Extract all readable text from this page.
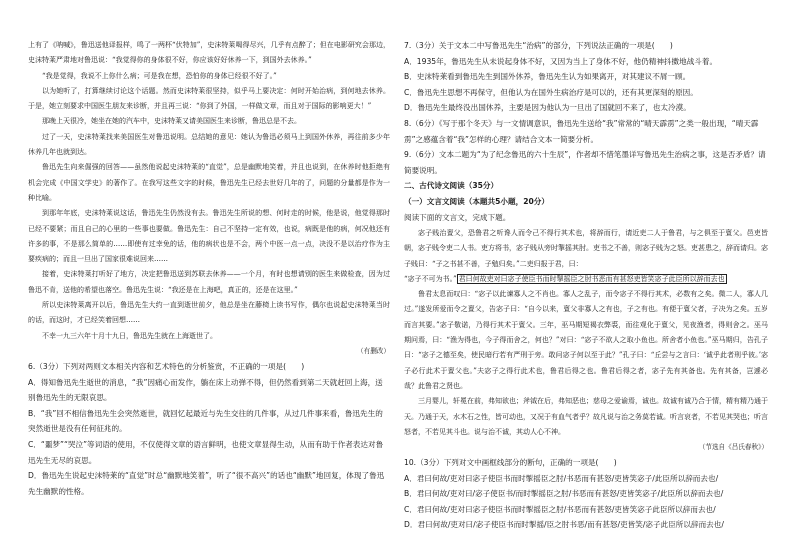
上有了《呐喊》，鲁迅送他译报样，鸣了一两杯“伏特加”，史沫特莱喝得尽兴，几乎有点醉了；但在电影研究会那边，史沫特莱严肃地对鲁迅说：“我觉得你的身体很不好，你应该好好休养一下，到国外去休养。”

“我是觉得，我说不上你什么病；可是我在想，恐怕你的身体已经很不好了。”

以为她听了，打算继续讨论这个话题。然而史沫特莱很坚持，似乎马上要决定：何时开始治病，到何地去休养。于是，她立刻要求中国医生朋友来诊断，并且再三说：“你到了外国，一样做文章，而且对于国际的影响更大！”

那晚上天很冷，她坐在她的汽车中，史沫特莱又请美国医生来诊断，鲁迅总是不去。

过了一天，史沫特莱找来美国医生对鲁迅说明。总结她的意见：她认为鲁迅必须马上到国外休养，再往前多少年休养几年也就到达。

鲁迅先生向来倔强的回答——虽然他说起史沫特莱的“直觉”，总是幽默地笑着，并且也说到，在休养时他拒绝有机会完成《中国文学史》的著作了。在我写这些文字的时候，鲁迅先生已经去世好几年的了，问题的分量都是作为一种比喻。

到那年年底，史沫特莱说这话，鲁迅先生仍然没有去。鲁迅先生所说的想、何时走的时候，他是说，他觉得那时已经不要紧；而且自己的心里的一些事也要做。鲁迅先生：自己不坚持一定有效，也说，病既是他的病，何况他还有许多的事，不是那么简单的……即使有过幸免的话，他的病状也是不会，两个中医一点一点，决没不是以治疗作为主要疾病的；而且一旦出了国家很难说回来……

接着，史沫特莱打听好了地方，决定把鲁迅送到苏联去休养——一个月，有时也想请别的医生来做检查，因为过鲁迅不肯，送他的希望也落空。鲁迅先生说：“我还是在上海吧，真正的，还是在这里。”

所以史沫特莱离开以后，鲁迅先生大约一直到逝世前夕，他总是坐在藤椅上读书写作，偶尔也说起史沫特莱当时的话，而这时，才已经笑着回想……

不幸一九三六年十月十九日，鲁迅先生就在上海逝世了。

（有删改）

6.（3分）下列对两则文本相关内容和艺术特色的分析鉴赏，不正确的一项是(　　)

A．得知鲁迅先生逝世的消息，“我”因痛心而发作，躺在床上动弹不得，但仍然看到第二天就赶回上海，送别鲁迅先生的无限哀思。

B．“我”回不相信鲁迅先生会突然逝世，就回忆起最近与先生交往的几件事，从过几件事来看，鲁迅先生的突然逝世是没有任何征兆的。

C．“噩梦”“哭泣”等词语的使用，不仅使得文章的语言鲜明，也使文章显得生动，从而有助于作者表达对鲁迅先生无尽的哀思。

D．鲁迅先生说起史沫特莱的“直觉”时总“幽默地笑着”，听了“很不高兴”的话也“幽默”地回复，体现了鲁迅先生幽默的性格。

7.（3分）关于文本二中写鲁迅先生“治病”的部分，下列说法正确的一项是(　　)

A．1935年，鲁迅先生从未说起身体不好，又因为当上了身体不好，他仍精神抖擞地战斗着。

B．史沫特莱看到鲁迅先生到国外休养，鲁迅先生认为如果离开，对其建议不屑一顾。

C．鲁迅先生思想不再保守，但他认为在国外生病治疗是可以的，还有其更深刻的原因。

D．鲁迅先生最终没出国休养，主要是因为他认为一旦出了国就回不来了，也太冷漠。

8.（6分）《写于那个冬天》与一文情调意识，鲁迅先生送给“我”常常的“晴天霹雳”之类一般出现，“晴天霹雳”之感蕴含着“我”怎样的心理？请结合文本一简要分析。

9.（6分）文本二题为“为了纪念鲁迅的六十生辰”，作者却不惜笔墨详写鲁迅先生治病之事，这是否矛盾？请简要说明。

二、古代诗文阅读（35分）

（一）文言文阅读（本题共5小题，20分）

阅读下面的文言文，完成下题。

宓子贱治亶父，恐鲁君之听谗人而令己不得行其术也，将辞而行，请近吏二人于鲁君，与之俱至于亶父。邑吏皆朝，宓子贱令吏二人书。吏方将书，宓子贱从旁时掣摇其肘。吏书之不善，则宓子贱为之怒。吏甚患之，辞而请归。宓子贱曰：“子之书甚不善，子勉归矣。”二吏归报于君，曰：

“宓子不可为书。” 君曰何故吏对曰宓子使臣书而时掣摇臣之肘书恶而有甚怒吏皆笑宓子此臣所以辞而去也

鲁君太息而叹曰：“宓子以此谏寡人之不肖也。寡人之乱子，而令宓子不得行其术，必数有之矣。微二人，寡人几过。”遂发所爱而令之亶父，告宓子曰：“自今以来，亶父非寡人之有也，子之有也。有便于亶父者，子决为之矣。五岁而言其要。”宓子敬诺，乃得行其术于亶父。三年，巫马期短褐衣弊裘，而往观化于亶父，见夜渔者，得则舍之。巫马期问焉，曰：“渔为得也，今子得而舍之，何也？”对曰：“宓子不欲人之取小鱼也。所舍者小鱼也。”巫马期归，告孔子曰：“宓子之德至矣，使民暗行若有严刑于旁。敢问宓子何以至于此？”孔子曰：“丘尝与之言曰：‘诚乎此者刑乎彼。’宓子必行此术于亶父也。”夫宓子之得行此术也，鲁君后得之也。鲁君后得之者，宓子先有其备也。先有其备，岂遽必哉？此鲁君之贤也。

三月婴儿，轩冕在前，弗知欲也；斧钺在后，弗知恶也；慈母之爱谕焉，诚也。故诚有诚乃合于情，精有精乃通于天。乃通于天，水木石之性，皆可动也，又况于有血气者乎？故凡说与治之务莫若诚。听言哀者，不若见其哭也；听言怒者，不若见其斗也。说与治不诚，其动人心不神。

（节选自《吕氏春秋》）

10.（3分）下列对文中画框线部分的断句，正确的一项是(　　)

A．君曰何故/吏对曰宓子使臣书而时掣摇臣之肘/书恶而有甚怒/吏皆笑宓子/此臣所以辞而去也/

B．君曰何故/吏对曰/宓子使臣书/而时掣摇臣之肘/书恶而有甚怒/吏皆笑宓子/此臣所以辞而去也/

C．君曰何故/吏对曰宓子使臣书而时掣摇臣之肘/书恶而有甚怒/吏皆笑宓子此臣所以辞而去也/

D．君曰何故/吏对曰/宓子使臣书而时掣摇/臣之肘书恶/而有甚怒/吏皆笑/宓子此臣所以辞而去也/
